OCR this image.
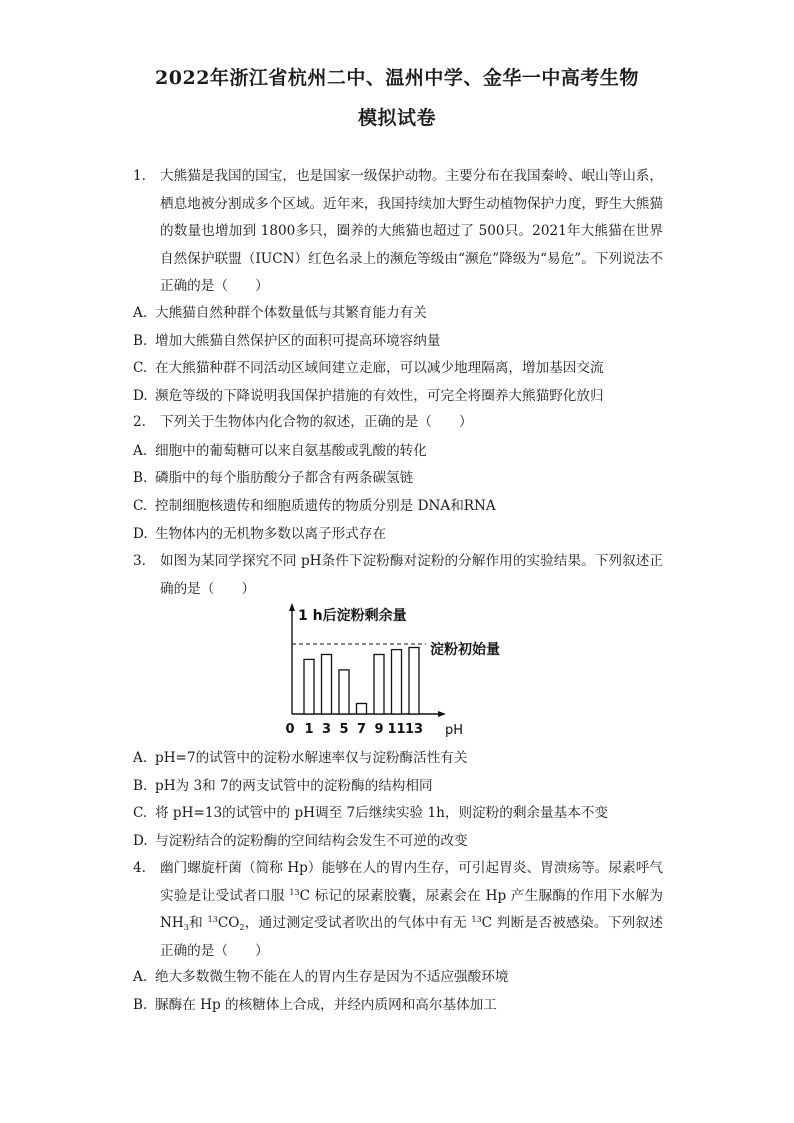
2022年浙江省杭州二中、温州中学、金华一中高考生物
模拟试卷
1. 大熊猫是我国的国宝，也是国家一级保护动物。主要分布在我国秦岭、岷山等山系，栖息地被分割成多个区域。近年来，我国持续加大野生动植物保护力度，野生大熊猫的数量也增加到 1800多只，圈养的大熊猫也超过了 500只。2021年大熊猫在世界自然保护联盟（IUCN）红色名录上的濒危等级由“濒危”降级为“易危”。下列说法不正确的是（　　）
A. 大熊猫自然种群个体数量低与其繁育能力有关
B. 增加大熊猫自然保护区的面积可提高环境容纳量
C. 在大熊猫种群不同活动区域间建立走廊，可以减少地理隔离，增加基因交流
D. 濒危等级的下降说明我国保护措施的有效性，可完全将圈养大熊猫野化放归
2. 下列关于生物体内化合物的叙述，正确的是（　　）
A. 细胞中的葡萄糖可以来自氨基酸或乳酸的转化
B. 磷脂中的每个脂肪酸分子都含有两条碳氢链
C. 控制细胞核遗传和细胞质遗传的物质分别是 DNA和RNA
D. 生物体内的无机物多数以离子形式存在
3. 如图为某同学探究不同 pH条件下淀粉酶对淀粉的分解作用的实验结果。下列叙述正确的是（　　）
1 h后淀粉剩余量
pH
淀粉初始量
0 1 3 5 7 9 11 13
A. pH=7的试管中的淀粉水解速率仅与淀粉酶活性有关
B. pH为 3和 7的两支试管中的淀粉酶的结构相同
C. 将 pH=13的试管中的 pH调至 7后继续实验 1h，则淀粉的剩余量基本不变
D. 与淀粉结合的淀粉酶的空间结构会发生不可逆的改变
4. 幽门螺旋杆菌（简称 Hp）能够在人的胃内生存，可引起胃炎、胃溃疡等。尿素呼气实验是让受试者口服 $^{13}$C 标记的尿素胶囊，尿素会在 Hp 产生脲酶的作用下水解为 $NH_3$和 $^{13}CO_2$，通过测定受试者吹出的气体中有无 $^{13}$C 判断是否被感染。下列叙述正确的是（　　）
A. 绝大多数微生物不能在人的胃内生存是因为不适应强酸环境
B. 脲酶在 Hp 的核糖体上合成，并经内质网和高尔基体加工
